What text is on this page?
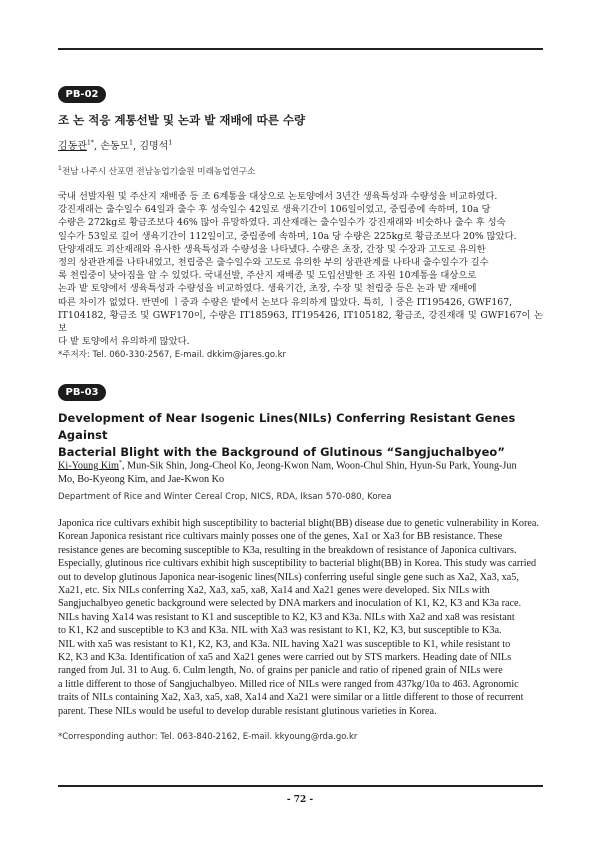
PB-02
조 논 적응 계통선발 및 논과 밭 재배에 따른 수량
김동관$^{1*}$, 손동모$^1$, 김명석$^1$
$^1$전남 나주시 산포면 전남농업기술원 미래농업연구소
국내 선발자원 및 주산지 재배종 등 조 6계통을 대상으로 논토양에서 3년간 생육특성과 수량성을 비교하였다.
강진재래는 출수일수 64일과 출수 후 성숙일수 42일로 생육기간이 106일이었고, 중립종에 속하며, 10a 당
수량은 272kg로 황금조보다 46% 많아 유망하였다. 괴산재래는 출수일수가 강진재래와 비슷하나 출수 후 성숙
일수가 53일로 길어 생육기간이 112일이고, 중립종에 속하며, 10a 당 수량은 225kg로 황금조보다 20% 많았다.
단양재래도 괴산재래와 유사한 생육특성과 수량성을 나타냈다. 수량은 초장, 간장 및 수장과 고도로 유의한
정의 상관관계를 나타내었고, 천립중은 출수일수와 고도로 유의한 부의 상관관계를 나타내 출수일수가 길수
록 천립중이 낮아짐을 알 수 있었다. 국내선발, 주산지 재배종 및 도입선발한 조 자원 10계통을 대상으로
논과 밭 토양에서 생육특성과 수량성을 비교하였다. 생육기간, 초장, 수장 및 천립중 등은 논과 밭 재배에
따른 차이가 없었다. 반면에 ㅣ중과 수량은 밭에서 논보다 유의하게 많았다. 특히, ㅣ중은 IT195426, GWF167,
IT104182, 황금조 및 GWF170이, 수량은 IT185963, IT195426, IT105182, 황금조, 강진재래 및 GWF167이 논보
다 밭 토양에서 유의하게 많았다.
*주저자: Tel. 060-330-2567, E-mail. dkkim@jares.go.kr
PB-03
Development of Near Isogenic Lines(NILs) Conferring Resistant Genes Against
Bacterial Blight with the Background of Glutinous “Sangjuchalbyeo”
Ki-Young Kim*, Mun-Sik Shin, Jong-Cheol Ko, Jeong-Kwon Nam, Woon-Chul Shin, Hyun-Su Park, Young-Jun
Mo, Bo-Kyeong Kim, and Jae-Kwon Ko
Department of Rice and Winter Cereal Crop, NICS, RDA, Iksan 570-080, Korea
Japonica rice cultivars exhibit high susceptibility to bacterial blight(BB) disease due to genetic vulnerability in Korea.
Korean Japonica resistant rice cultivars mainly posses one of the genes, Xa1 or Xa3 for BB resistance. These
resistance genes are becoming susceptible to K3a, resulting in the breakdown of resistance of Japonica cultivars.
Especially, glutinous rice cultivars exhibit high susceptibility to bacterial blight(BB) in Korea. This study was carried
out to develop glutinous Japonica near-isogenic lines(NILs) conferring useful single gene such as Xa2, Xa3, xa5,
Xa21, etc. Six NILs conferring Xa2, Xa3, xa5, xa8, Xa14 and Xa21 genes were developed. Six NILs with
Sangjuchalbyeo genetic background were selected by DNA markers and inoculation of K1, K2, K3 and K3a race.
NILs having Xa14 was resistant to K1 and susceptible to K2, K3 and K3a. NILs with Xa2 and xa8 was resistant
to K1, K2 and susceptible to K3 and K3a. NIL with Xa3 was resistant to K1, K2, K3, but susceptible to K3a.
NIL with xa5 was resistant to K1, K2, K3, and K3a. NIL having Xa21 was susceptible to K1, while resistant to
K2, K3 and K3a. Identification of xa5 and Xa21 genes were carried out by STS markers. Heading date of NILs
ranged from Jul. 31 to Aug. 6. Culm length, No. of grains per panicle and ratio of ripened grain of NILs were
a little different to those of Sangjuchalbyeo. Milled rice of NILs were ranged from 437kg/10a to 463. Agronomic
traits of NILs containing Xa2, Xa3, xa5, xa8, Xa14 and Xa21 were similar or a little different to those of recurrent
parent. These NILs would be useful to develop durable resistant glutinous varieties in Korea.
*Corresponding author: Tel. 063-840-2162, E-mail. kkyoung@rda.go.kr
- 72 -
